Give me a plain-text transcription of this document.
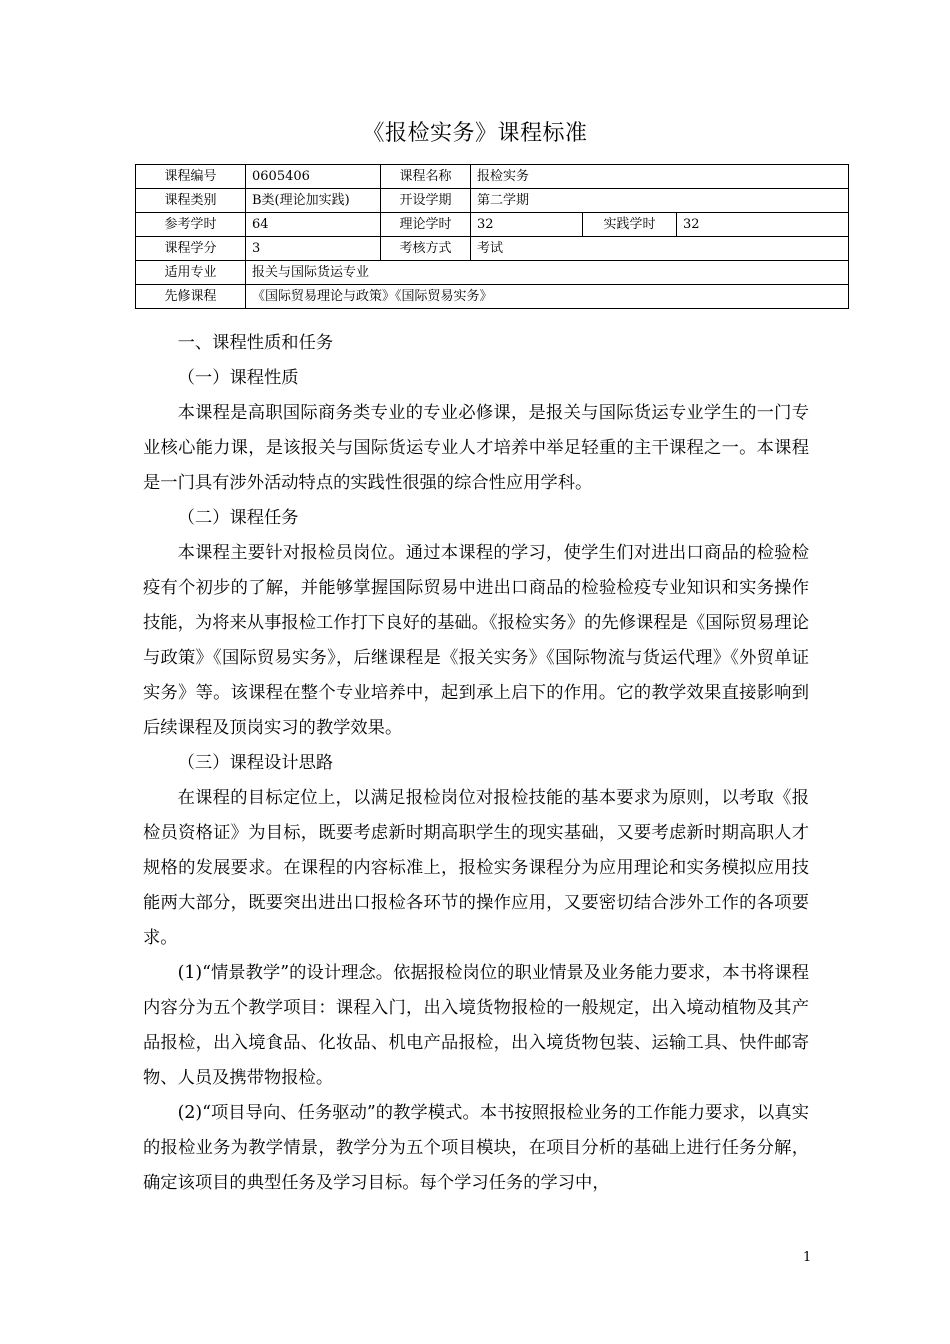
《报检实务》课程标准
课程编号	0605406	课程名称	报检实务		
课程类别	B类(理论加实践)	开设学期	第二学期		
参考学时	64	理论学时	32	实践学时	32
课程学分	3	考核方式	考试		
适用专业	报关与国际货运专业				
先修课程	《国际贸易理论与政策》《国际贸易实务》				

一、课程性质和任务

（一）课程性质

本课程是高职国际商务类专业的专业必修课，是报关与国际货运专业学生的一门专业核心能力课，是该报关与国际货运专业人才培养中举足轻重的主干课程之一。本课程是一门具有涉外活动特点的实践性很强的综合性应用学科。

（二）课程任务

本课程主要针对报检员岗位。通过本课程的学习，使学生们对进出口商品的检验检疫有个初步的了解，并能够掌握国际贸易中进出口商品的检验检疫专业知识和实务操作技能，为将来从事报检工作打下良好的基础。《报检实务》的先修课程是《国际贸易理论与政策》《国际贸易实务》，后继课程是《报关实务》《国际物流与货运代理》《外贸单证实务》等。该课程在整个专业培养中，起到承上启下的作用。它的教学效果直接影响到后续课程及顶岗实习的教学效果。

（三）课程设计思路

在课程的目标定位上，以满足报检岗位对报检技能的基本要求为原则，以考取《报检员资格证》为目标，既要考虑新时期高职学生的现实基础，又要考虑新时期高职人才规格的发展要求。在课程的内容标准上，报检实务课程分为应用理论和实务模拟应用技能两大部分，既要突出进出口报检各环节的操作应用，又要密切结合涉外工作的各项要求。

(1)“情景教学”的设计理念。依据报检岗位的职业情景及业务能力要求，本书将课程内容分为五个教学项目：课程入门，出入境货物报检的一般规定，出入境动植物及其产品报检，出入境食品、化妆品、机电产品报检，出入境货物包装、运输工具、快件邮寄物、人员及携带物报检。

(2)“项目导向、任务驱动”的教学模式。本书按照报检业务的工作能力要求，以真实的报检业务为教学情景，教学分为五个项目模块，在项目分析的基础上进行任务分解，确定该项目的典型任务及学习目标。每个学习任务的学习中，

1
